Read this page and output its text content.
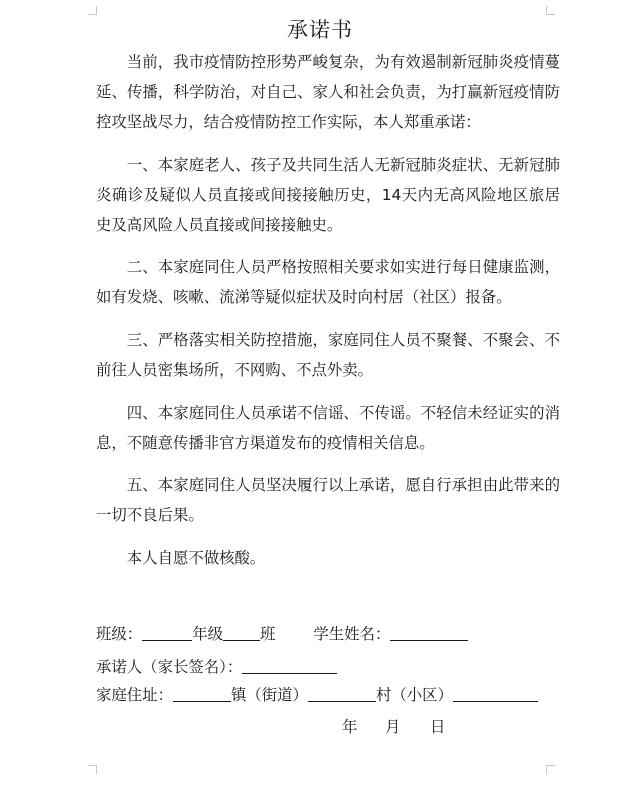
承诺书

当前，我市疫情防控形势严峻复杂，为有效遏制新冠肺炎疫情蔓延、传播，科学防治，对自己、家人和社会负责，为打赢新冠疫情防控攻坚战尽力，结合疫情防控工作实际，本人郑重承诺：

一、本家庭老人、孩子及共同生活人无新冠肺炎症状、无新冠肺炎确诊及疑似人员直接或间接接触历史，14天内无高风险地区旅居史及高风险人员直接或间接接触史。

二、本家庭同住人员严格按照相关要求如实进行每日健康监测，如有发烧、咳嗽、流涕等疑似症状及时向村居（社区）报备。

三、严格落实相关防控措施，家庭同住人员不聚餐、不聚会、不前往人员密集场所，不网购、不点外卖。

四、本家庭同住人员承诺不信谣、不传谣。不轻信未经证实的消息，不随意传播非官方渠道发布的疫情相关信息。

五、本家庭同住人员坚决履行以上承诺，愿自行承担由此带来的一切不良后果。

本人自愿不做核酸。

班级：	年级 班 学生姓名：
承诺人（家长签名）：
家庭住址：	镇（街道）	村（小区）
年 月 日
